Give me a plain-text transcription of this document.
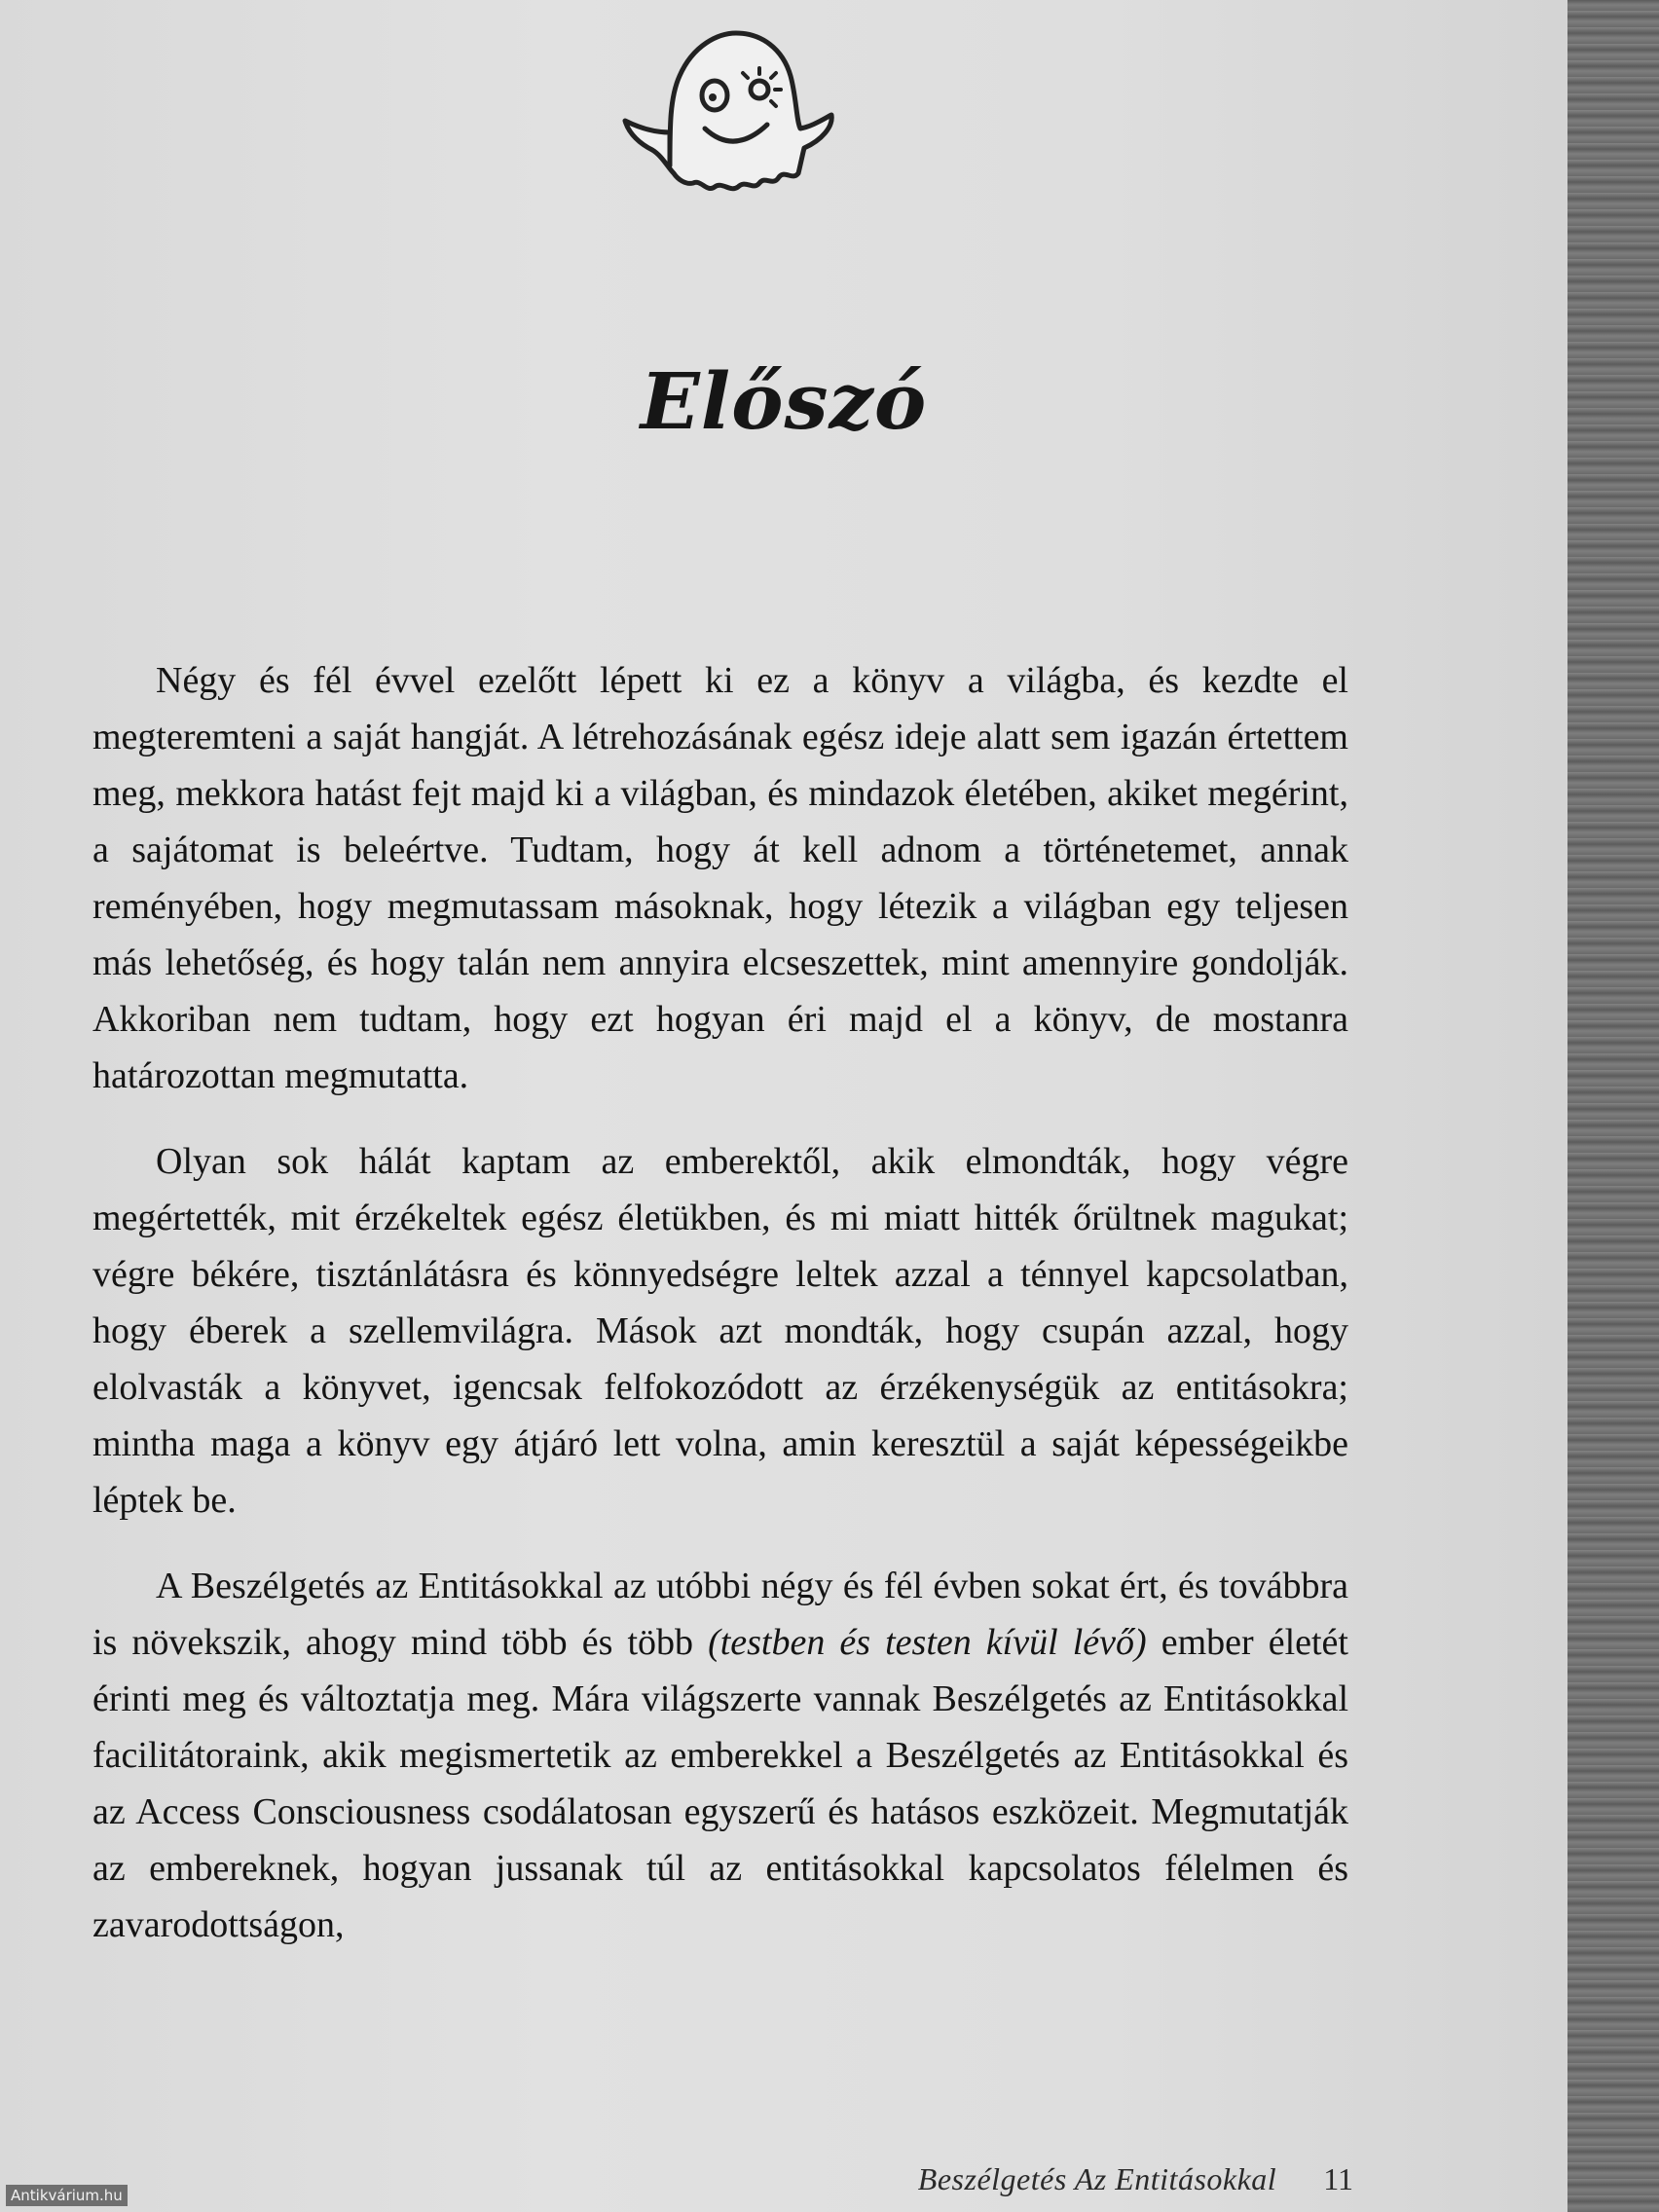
Előszó

Négy és fél évvel ezelőtt lépett ki ez a könyv a világba, és kezdte el megteremteni a saját hangját. A létrehozásának egész ideje alatt sem igazán értettem meg, mekkora hatást fejt majd ki a világban, és mindazok életében, akiket megérint, a sajátomat is beleértve. Tudtam, hogy át kell adnom a történetemet, annak reményében, hogy megmutassam másoknak, hogy létezik a világban egy teljesen más lehetőség, és hogy talán nem annyira elcseszettek, mint amennyire gondolják. Akkoriban nem tudtam, hogy ezt hogyan éri majd el a könyv, de mostanra határozottan megmutatta.

Olyan sok hálát kaptam az emberektől, akik elmondták, hogy végre megértették, mit érzékeltek egész életükben, és mi miatt hitték őrültnek magukat; végre békére, tisztánlátásra és könnyedségre leltek azzal a ténnyel kapcsolatban, hogy éberek a szellemvilágra. Mások azt mondták, hogy csupán azzal, hogy elolvasták a könyvet, igencsak felfokozódott az érzékenységük az entitásokra; mintha maga a könyv egy átjáró lett volna, amin keresztül a saját képességeikbe léptek be.

A Beszélgetés az Entitásokkal az utóbbi négy és fél évben sokat ért, és továbbra is növekszik, ahogy mind több és több (testben és testen kívül lévő) ember életét érinti meg és változtatja meg. Mára világszerte vannak Beszélgetés az Entitásokkal facilitátoraink, akik megismertetik az emberekkel a Beszélgetés az Entitásokkal és az Access Consciousness csodálatosan egyszerű és hatásos eszközeit. Megmutatják az embereknek, hogyan jussanak túl az entitásokkal kapcsolatos félelmen és zavarodottságon,

Beszélgetés Az Entitásokkal 11
Antikvárium.hu
